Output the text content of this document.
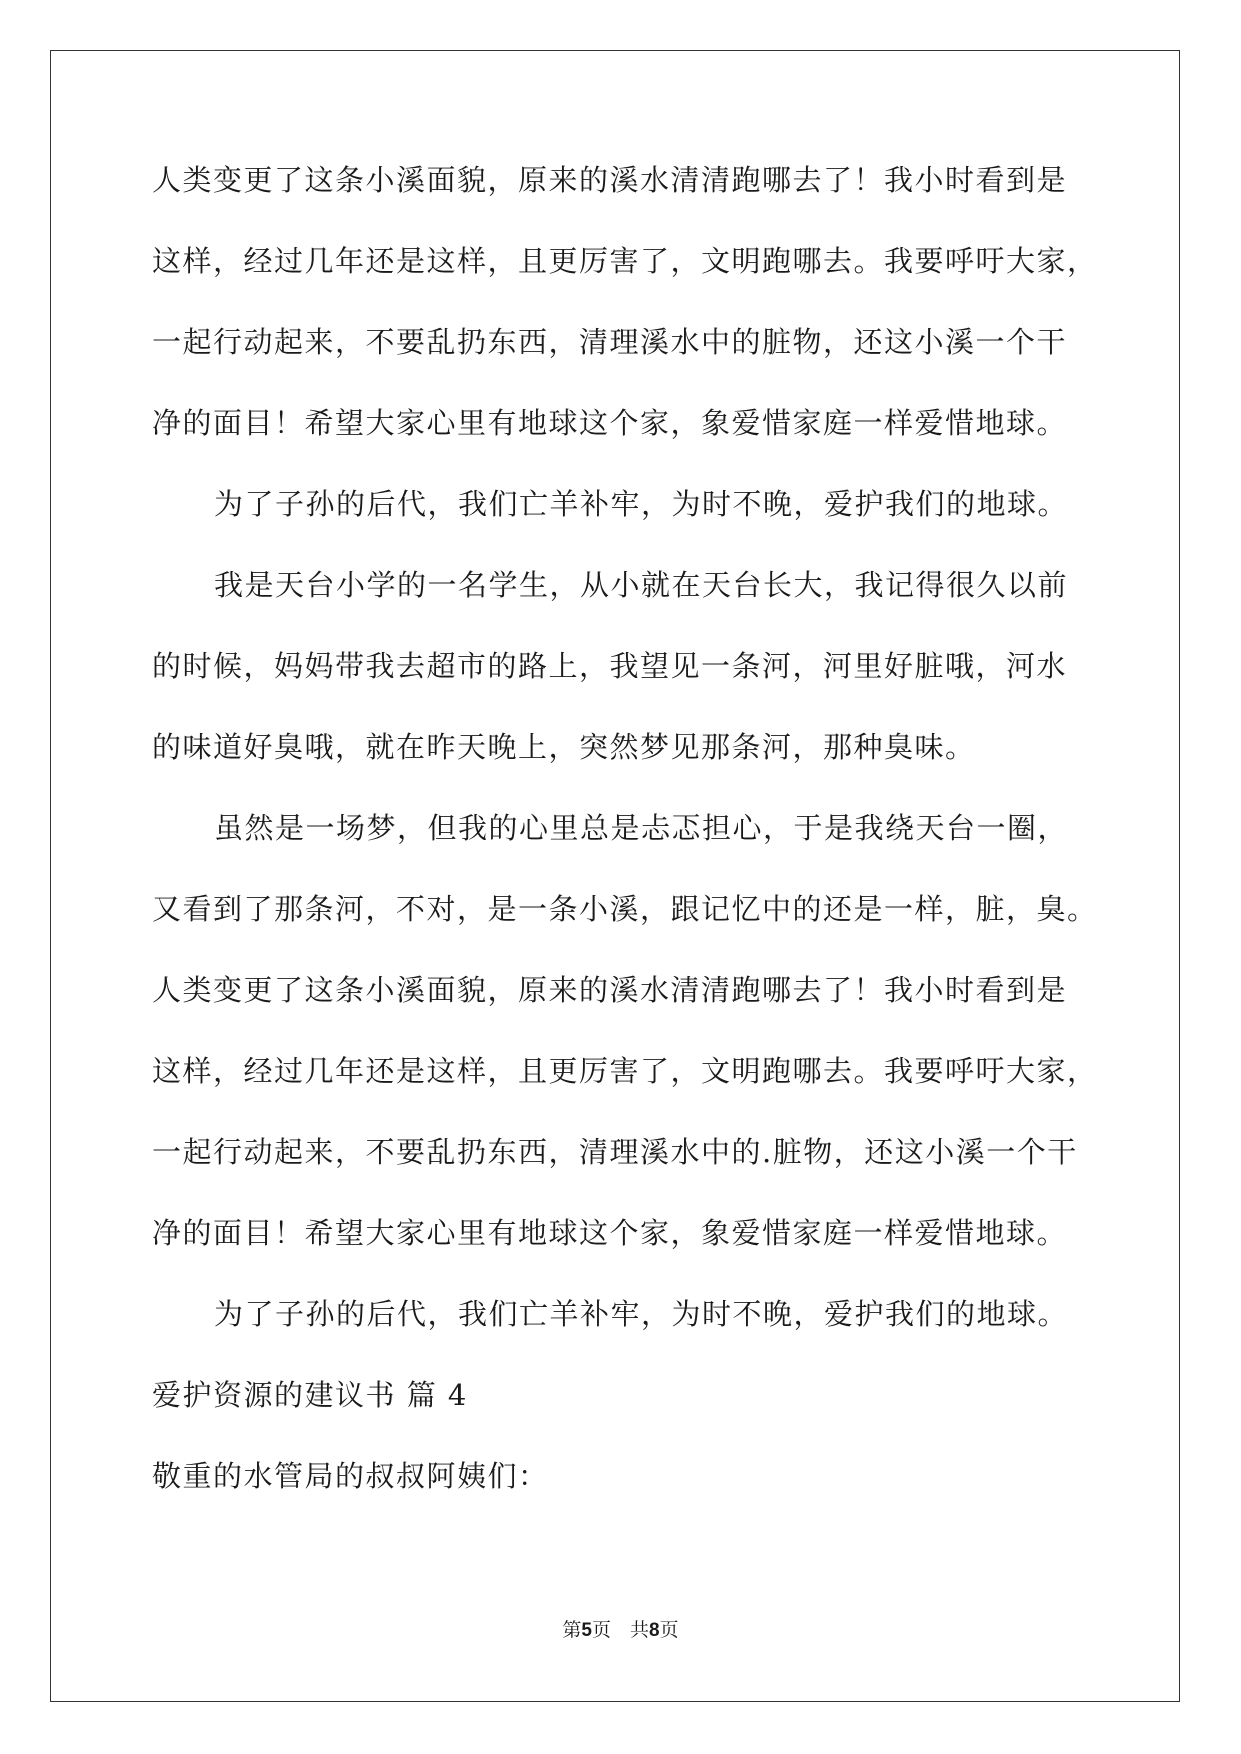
人类变更了这条小溪面貌，原来的溪水清清跑哪去了！我小时看到是
这样，经过几年还是这样，且更厉害了，文明跑哪去。我要呼吁大家，
一起行动起来，不要乱扔东西，清理溪水中的脏物，还这小溪一个干
净的面目！希望大家心里有地球这个家，象爱惜家庭一样爱惜地球。
为了子孙的后代，我们亡羊补牢，为时不晚，爱护我们的地球。
我是天台小学的一名学生，从小就在天台长大，我记得很久以前
的时候，妈妈带我去超市的路上，我望见一条河，河里好脏哦，河水
的味道好臭哦，就在昨天晚上，突然梦见那条河，那种臭味。
虽然是一场梦，但我的心里总是忐忑担心，于是我绕天台一圈，
又看到了那条河，不对，是一条小溪，跟记忆中的还是一样，脏，臭。
人类变更了这条小溪面貌，原来的溪水清清跑哪去了！我小时看到是
这样，经过几年还是这样，且更厉害了，文明跑哪去。我要呼吁大家，
一起行动起来，不要乱扔东西，清理溪水中的.脏物，还这小溪一个干
净的面目！希望大家心里有地球这个家，象爱惜家庭一样爱惜地球。
为了子孙的后代，我们亡羊补牢，为时不晚，爱护我们的地球。
爱护资源的建议书 篇 4
敬重的水管局的叔叔阿姨们：
第5页　共8页
